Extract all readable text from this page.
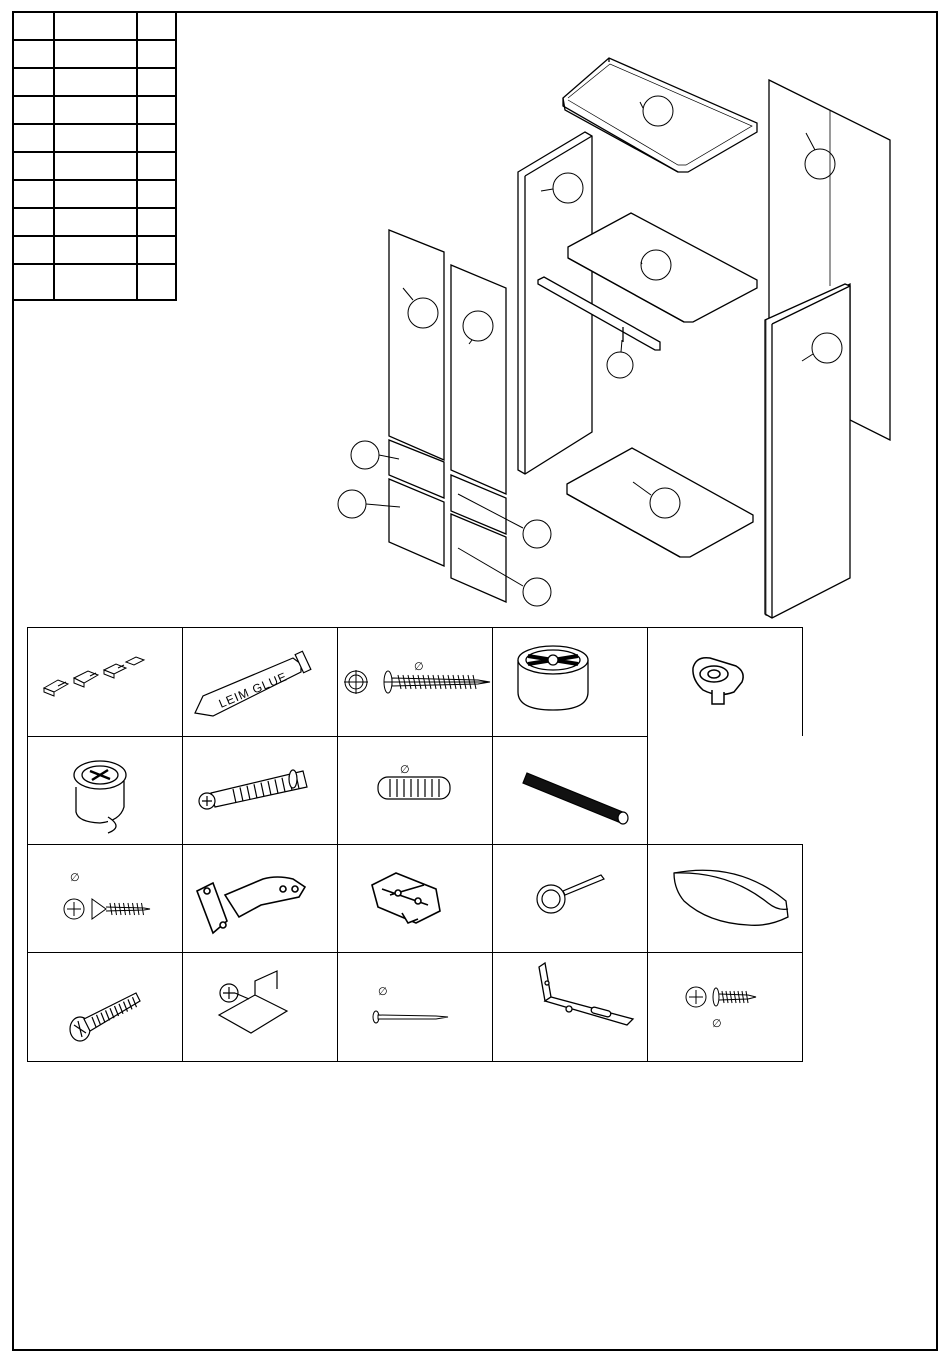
LEIM GLUE
∅
∅
∅
∅
∅
